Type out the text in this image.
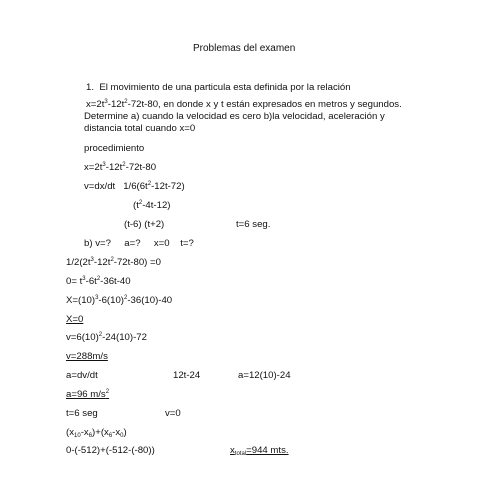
Problemas del examen
1. El movimiento de una particula esta definida por la relación
$x=2t^3-12t^2-72t-80$, en donde x y t están expresados en metros y segundos.
Determine a) cuando la velocidad es cero b)la velocidad, aceleración y
distancia total cuando x=0
procedimiento
$x=2t^3-12t^2-72t-80$
v=dx/dt   $1/6(6t^2-12t-72)$
$(t^2-4t-12)$
(t-6) (t+2)	t=6 seg.
b) v=?     a=?     x=0    t=?
$1/2(2t^3-12t^2-72t-80) =0$
$0= t^3-6t^2-36t-40$
$X=(10)^3-6(10)^2-36(10)-40$
X=0
$v=6(10)^2-24(10)-72$
v=288m/s
a=dv/dt	12t-24	a=12(10)-24
a=96 $m/s^2$
t=6 seg	v=0
$(x_{10}-x_6)+(x_6-x_0)$
0-(-512)+(-512-(-80))	$x_{total}=944$ mts.
